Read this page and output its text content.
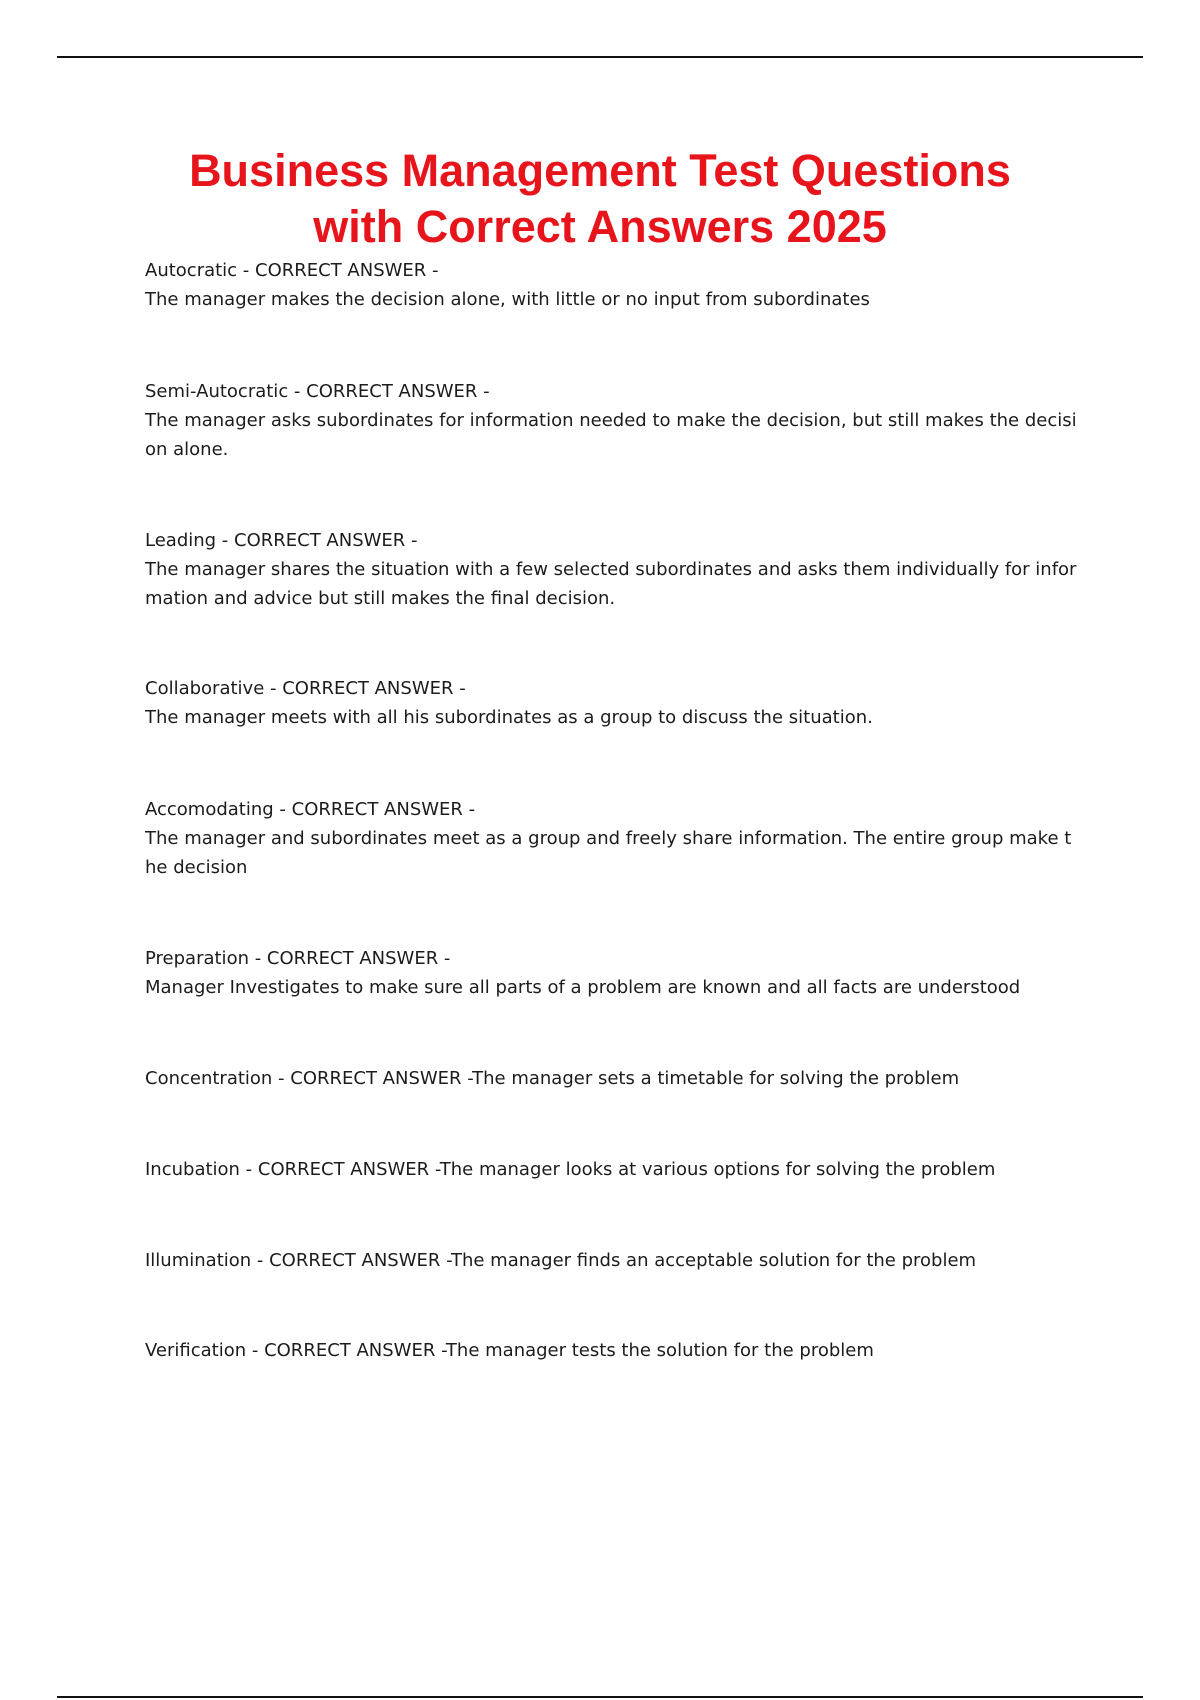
Business Management Test Questions
with Correct Answers 2025
Autocratic - CORRECT ANSWER -
The manager makes the decision alone, with little or no input from subordinates
Semi-Autocratic - CORRECT ANSWER -
The manager asks subordinates for information needed to make the decision, but still makes the decisi
on alone.
Leading - CORRECT ANSWER -
The manager shares the situation with a few selected subordinates and asks them individually for infor
mation and advice but still makes the final decision.
Collaborative - CORRECT ANSWER -
The manager meets with all his subordinates as a group to discuss the situation.
Accomodating - CORRECT ANSWER -
The manager and subordinates meet as a group and freely share information. The entire group make t
he decision
Preparation - CORRECT ANSWER -
Manager Investigates to make sure all parts of a problem are known and all facts are understood
Concentration - CORRECT ANSWER -The manager sets a timetable for solving the problem
Incubation - CORRECT ANSWER -The manager looks at various options for solving the problem
Illumination - CORRECT ANSWER -The manager finds an acceptable solution for the problem
Verification - CORRECT ANSWER -The manager tests the solution for the problem
